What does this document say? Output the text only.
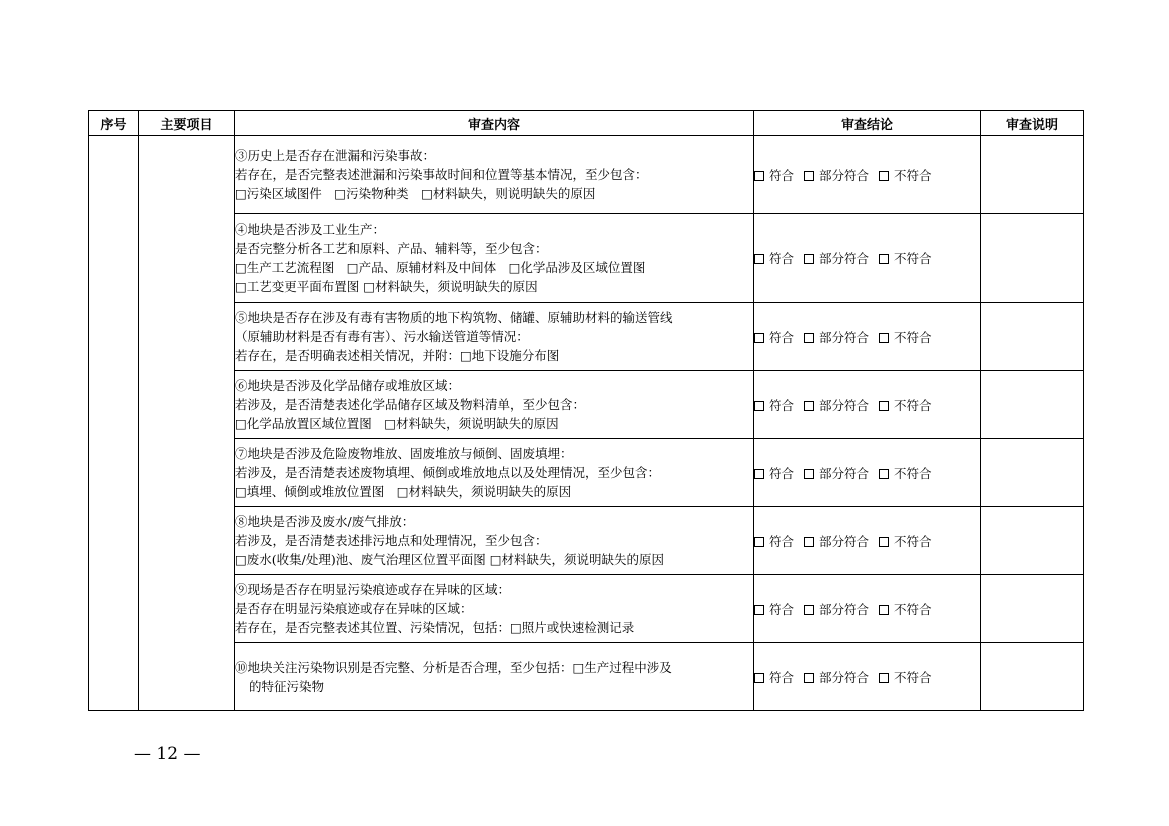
序号	主要项目	审查内容	审查结论	审查说明

		③历史上是否存在泄漏和污染事故：
若存在，是否完整表述泄漏和污染事故时间和位置等基本情况，至少包含：
□污染区域图件　□污染物种类　□材料缺失，则说明缺失的原因	符合 部分符合 不符合	

		④地块是否涉及工业生产：
是否完整分析各工艺和原料、产品、辅料等，至少包含：
□生产工艺流程图　□产品、原辅材料及中间体　□化学品涉及区域位置图
□工艺变更平面布置图 □材料缺失，须说明缺失的原因	符合 部分符合 不符合	

		⑤地块是否存在涉及有毒有害物质的地下构筑物、储罐、原辅助材料的输送管线
（原辅助材料是否有毒有害）、污水输送管道等情况：
若存在，是否明确表述相关情况，并附：□地下设施分布图	符合 部分符合 不符合	

		⑥地块是否涉及化学品储存或堆放区域：
若涉及，是否清楚表述化学品储存区域及物料清单，至少包含：
□化学品放置区域位置图　□材料缺失，须说明缺失的原因	符合 部分符合 不符合	

		⑦地块是否涉及危险废物堆放、固废堆放与倾倒、固废填埋：
若涉及，是否清楚表述废物填埋、倾倒或堆放地点以及处理情况，至少包含：
□填埋、倾倒或堆放位置图　□材料缺失，须说明缺失的原因	符合 部分符合 不符合	

		⑧地块是否涉及废水/废气排放：
若涉及，是否清楚表述排污地点和处理情况，至少包含：
□废水(收集/处理)池、废气治理区位置平面图 □材料缺失，须说明缺失的原因	符合 部分符合 不符合	

		⑨现场是否存在明显污染痕迹或存在异味的区域：
是否存在明显污染痕迹或存在异味的区域：
若存在，是否完整表述其位置、污染情况，包括：□照片或快速检测记录	符合 部分符合 不符合	

		⑩地块关注污染物识别是否完整、分析是否合理，至少包括：□生产过程中涉及
的特征污染物	符合 部分符合 不符合	
— 12 —
